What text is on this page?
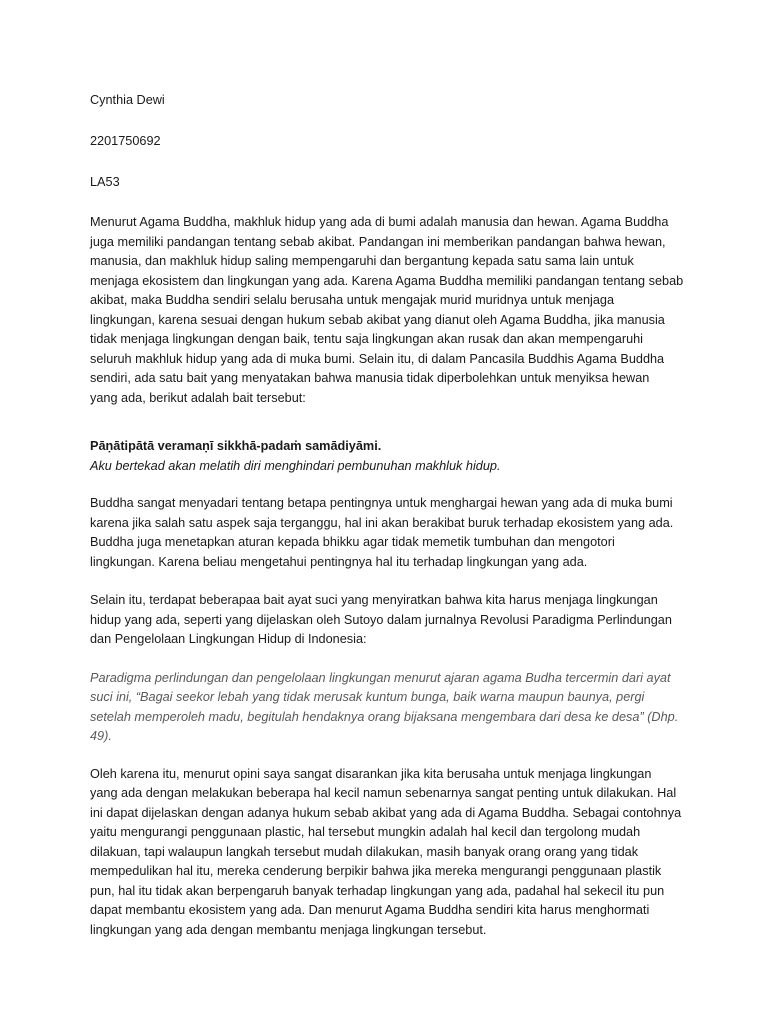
Cynthia Dewi
2201750692
LA53
Menurut Agama Buddha, makhluk hidup yang ada di bumi adalah manusia dan hewan. Agama Buddha
juga memiliki pandangan tentang sebab akibat. Pandangan ini memberikan pandangan bahwa hewan,
manusia, dan makhluk hidup saling mempengaruhi dan bergantung kepada satu sama lain untuk
menjaga ekosistem dan lingkungan yang ada. Karena Agama Buddha memiliki pandangan tentang sebab
akibat, maka Buddha sendiri selalu berusaha untuk mengajak murid muridnya untuk menjaga
lingkungan, karena sesuai dengan hukum sebab akibat yang dianut oleh Agama Buddha, jika manusia
tidak menjaga lingkungan dengan baik, tentu saja lingkungan akan rusak dan akan mempengaruhi
seluruh makhluk hidup yang ada di muka bumi. Selain itu, di dalam Pancasila Buddhis Agama Buddha
sendiri, ada satu bait yang menyatakan bahwa manusia tidak diperbolehkan untuk menyiksa hewan
yang ada, berikut adalah bait tersebut:
Pāṇātipātā veramaṇī sikkhā-padaṁ samādiyāmi.
Aku bertekad akan melatih diri menghindari pembunuhan makhluk hidup.
Buddha sangat menyadari tentang betapa pentingnya untuk menghargai hewan yang ada di muka bumi
karena jika salah satu aspek saja terganggu, hal ini akan berakibat buruk terhadap ekosistem yang ada.
Buddha juga menetapkan aturan kepada bhikku agar tidak memetik tumbuhan dan mengotori
lingkungan. Karena beliau mengetahui pentingnya hal itu terhadap lingkungan yang ada.
Selain itu, terdapat beberapaa bait ayat suci yang menyiratkan bahwa kita harus menjaga lingkungan
hidup yang ada, seperti yang dijelaskan oleh Sutoyo dalam jurnalnya Revolusi Paradigma Perlindungan
dan Pengelolaan Lingkungan Hidup di Indonesia:
Paradigma perlindungan dan pengelolaan lingkungan menurut ajaran agama Budha tercermin dari ayat
suci ini, “Bagai seekor lebah yang tidak merusak kuntum bunga, baik warna maupun baunya, pergi
setelah memperoleh madu, begitulah hendaknya orang bijaksana mengembara dari desa ke desa” (Dhp.
49).
Oleh karena itu, menurut opini saya sangat disarankan jika kita berusaha untuk menjaga lingkungan
yang ada dengan melakukan beberapa hal kecil namun sebenarnya sangat penting untuk dilakukan. Hal
ini dapat dijelaskan dengan adanya hukum sebab akibat yang ada di Agama Buddha. Sebagai contohnya
yaitu mengurangi penggunaan plastic, hal tersebut mungkin adalah hal kecil dan tergolong mudah
dilakuan, tapi walaupun langkah tersebut mudah dilakukan, masih banyak orang orang yang tidak
mempedulikan hal itu, mereka cenderung berpikir bahwa jika mereka mengurangi penggunaan plastik
pun, hal itu tidak akan berpengaruh banyak terhadap lingkungan yang ada, padahal hal sekecil itu pun
dapat membantu ekosistem yang ada. Dan menurut Agama Buddha sendiri kita harus menghormati
lingkungan yang ada dengan membantu menjaga lingkungan tersebut.
